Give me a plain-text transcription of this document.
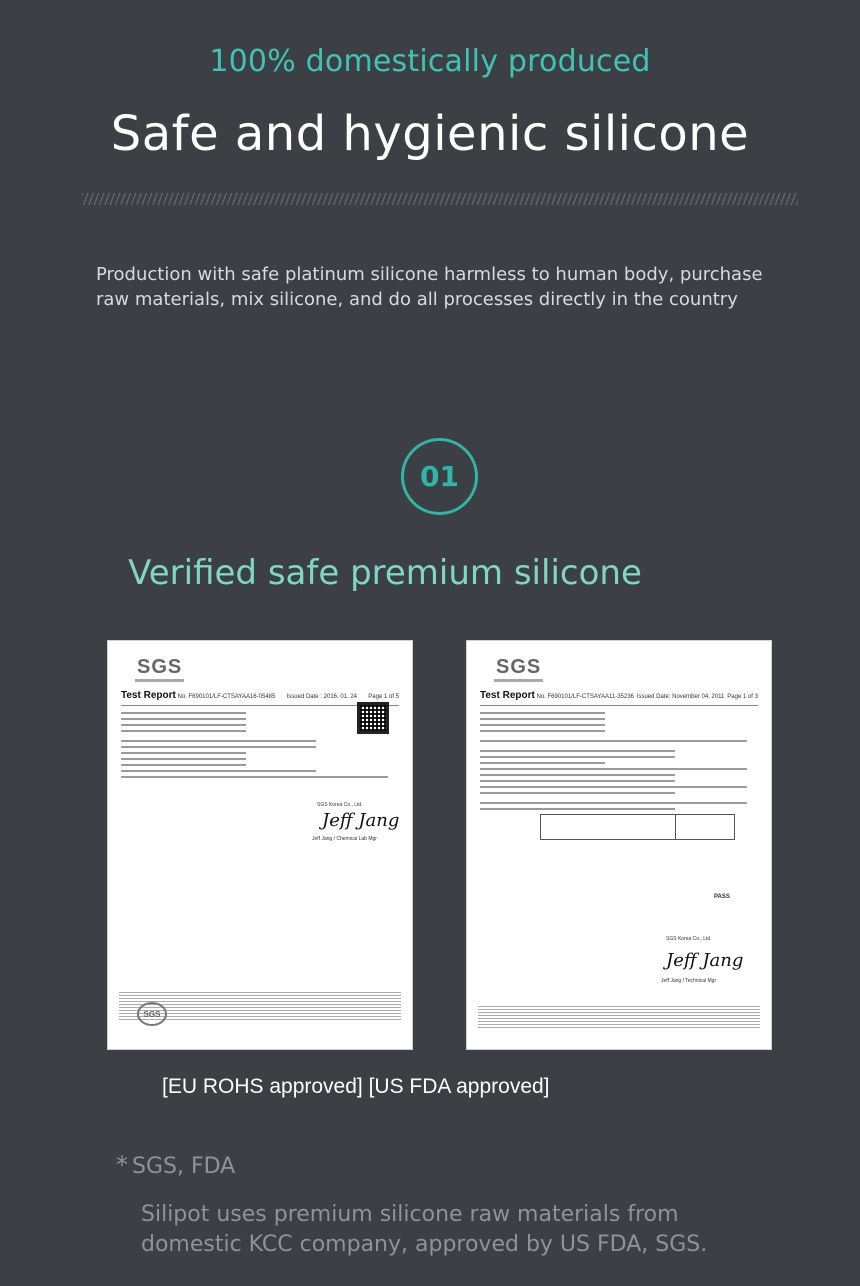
100% domestically produced
Safe and hygienic silicone
Production with safe platinum silicone harmless to human body, purchase raw materials, mix silicone, and do all processes directly in the country
01
Verified safe premium silicone
SGS
Test Report No. F690101/LF-CTSAYAA16-05485 Issued Date : 2016. 01. 24 Page 1 of 5
SGS Korea Co., Ltd.
Jeff Jang
Jeff Jang / Chemical Lab Mgr
SGS
SGS
Test Report No. F690101/LF-CTSAYAA11-35236 Issued Date: November 04, 2011 Page 1 of 3
PASS
SGS Korea Co., Ltd.
Jeff Jang
Jeff Jang / Technical Mgr
[EU ROHS approved] [US FDA approved]
* SGS, FDA
Silipot uses premium silicone raw materials from domestic KCC company, approved by US FDA, SGS.
